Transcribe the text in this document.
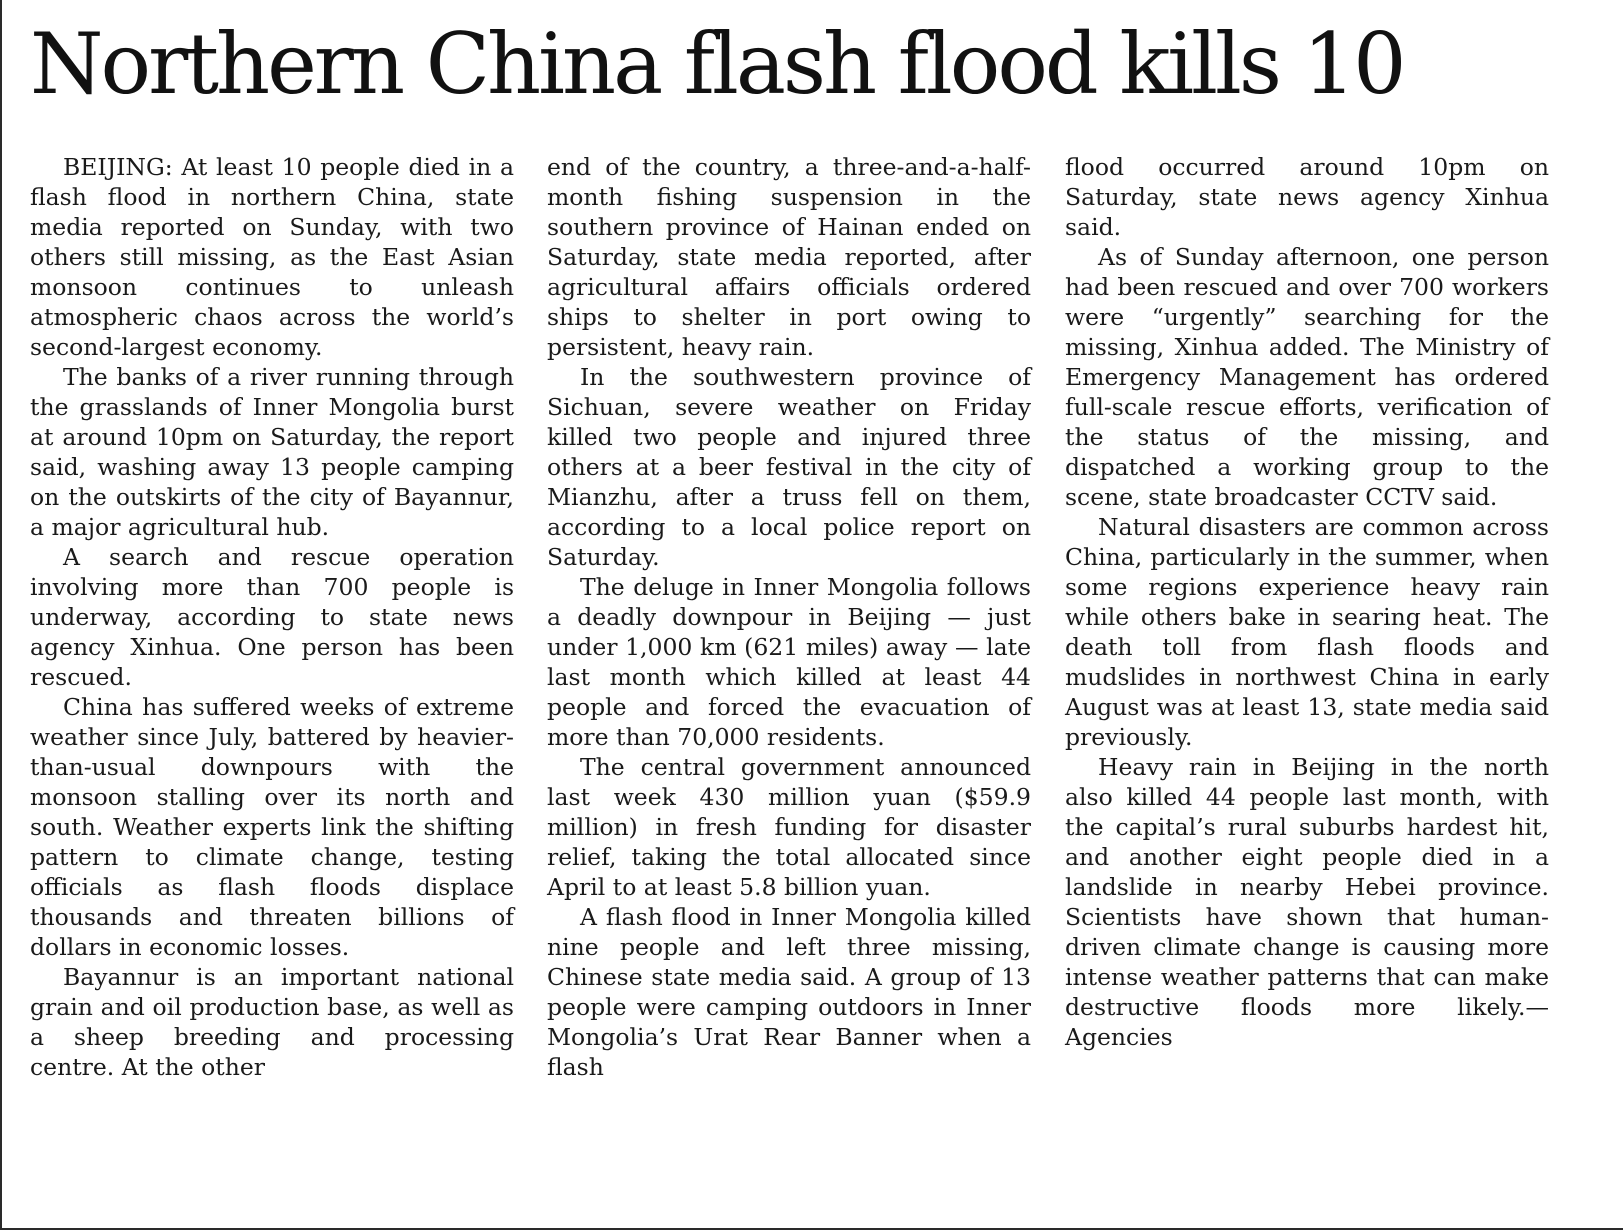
Northern China flash flood kills 10

BEIJING: At least 10 people died in a flash flood in northern China, state media reported on Sunday, with two others still missing, as the East Asian monsoon continues to unleash atmospheric chaos across the world’s second-largest economy.

The banks of a river running through the grasslands of Inner Mongolia burst at around 10pm on Saturday, the report said, washing away 13 people camping on the outskirts of the city of Bayannur, a major agricultural hub.

A search and rescue operation involving more than 700 people is underway, according to state news agency Xinhua. One person has been rescued.

China has suffered weeks of extreme weather since July, battered by heavier-than-usual downpours with the monsoon stalling over its north and south. Weather experts link the shifting pattern to climate change, testing officials as flash floods displace thousands and threaten billions of dollars in economic losses.

Bayannur is an important national grain and oil production base, as well as a sheep breeding and processing centre. At the other

end of the country, a three-and-a-half-month fishing suspension in the southern province of Hainan ended on Saturday, state media reported, after agricultural affairs officials ordered ships to shelter in port owing to persistent, heavy rain.

In the southwestern province of Sichuan, severe weather on Friday killed two people and injured three others at a beer festival in the city of Mianzhu, after a truss fell on them, according to a local police report on Saturday.

The deluge in Inner Mongolia follows a deadly downpour in Beijing — just under 1,000 km (621 miles) away — late last month which killed at least 44 people and forced the evacuation of more than 70,000 residents.

The central government announced last week 430 million yuan ($59.9 million) in fresh funding for disaster relief, taking the total allocated since April to at least 5.8 billion yuan.

A flash flood in Inner Mongolia killed nine people and left three missing, Chinese state media said. A group of 13 people were camping outdoors in Inner Mongolia’s Urat Rear Banner when a flash

flood occurred around 10pm on Saturday, state news agency Xinhua said.

As of Sunday afternoon, one person had been rescued and over 700 workers were “urgently” searching for the missing, Xinhua added. The Ministry of Emergency Management has ordered full-scale rescue efforts, verification of the status of the missing, and dispatched a working group to the scene, state broadcaster CCTV said.

Natural disasters are common across China, particularly in the summer, when some regions experience heavy rain while others bake in searing heat. The death toll from flash floods and mudslides in northwest China in early August was at least 13, state media said previously.

Heavy rain in Beijing in the north also killed 44 people last month, with the capital’s rural suburbs hardest hit, and another eight people died in a landslide in nearby Hebei province. Scientists have shown that human-driven climate change is causing more intense weather patterns that can make destructive floods more likely.—Agencies
